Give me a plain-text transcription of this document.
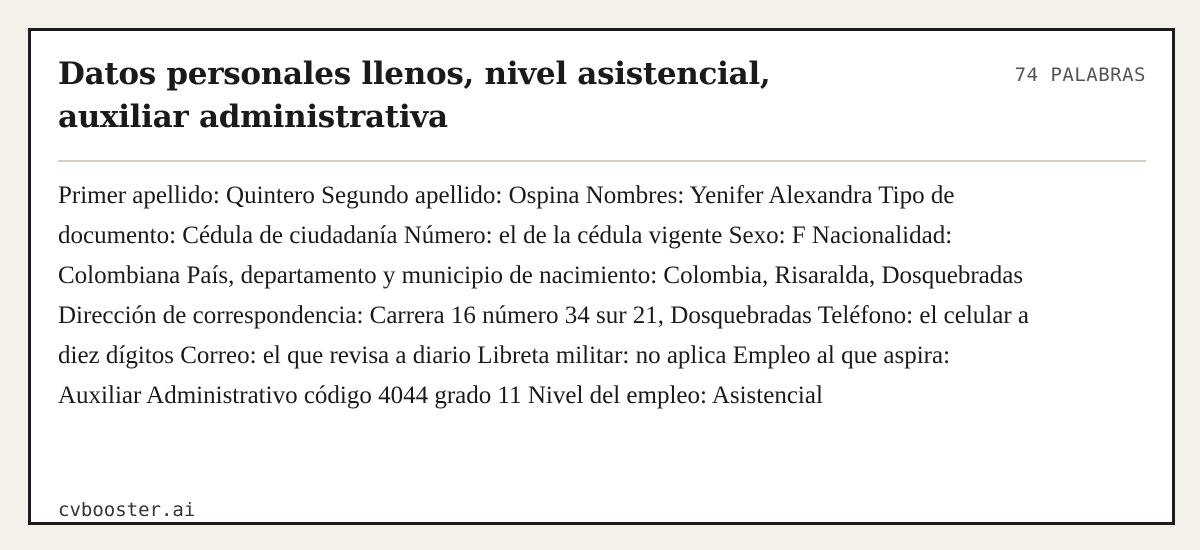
Datos personales llenos, nivel asistencial, auxiliar administrativa
74 PALABRAS

Primer apellido: Quintero Segundo apellido: Ospina Nombres: Yenifer Alexandra Tipo de documento: Cédula de ciudadanía Número: el de la cédula vigente Sexo: F Nacionalidad: Colombiana País, departamento y municipio de nacimiento: Colombia, Risaralda, Dosquebradas Dirección de correspondencia: Carrera 16 número 34 sur 21, Dosquebradas Teléfono: el celular a diez dígitos Correo: el que revisa a diario Libreta militar: no aplica Empleo al que aspira: Auxiliar Administrativo código 4044 grado 11 Nivel del empleo: Asistencial

cvbooster.ai
